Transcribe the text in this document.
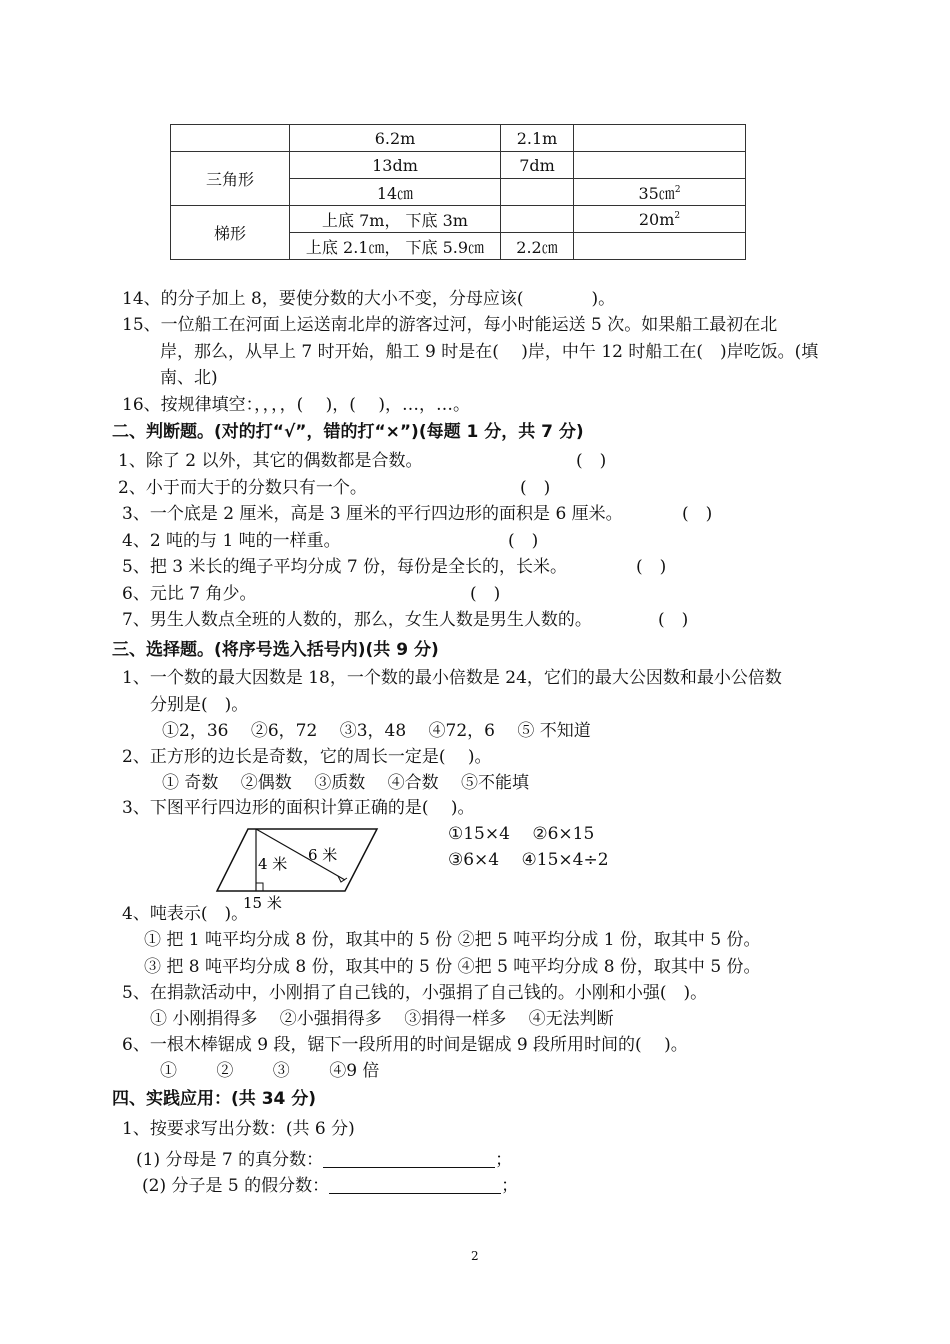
	6.2m	2.1m	
三角形	13dm	7dm	
	14㎝		35㎝$^2$
梯形	上底 7m， 下底 3m		$20m^2$
	上底 2.1㎝， 下底 5.9㎝	2.2㎝	
14、的分子加上 8，要使分数的大小不变，分母应该(　　　　)。
15、一位船工在河面上运送南北岸的游客过河，每小时能运送 5 次。如果船工最初在北
岸，那么，从早上 7 时开始，船工 9 时是在(　 )岸，中午 12 时船工在(　)岸吃饭。(填
南、北)
16、按规律填空：，，，，(　 )，(　 )，…，…。
二、判断题。(对的打“√”，错的打“×”)(每题 1 分，共 7 分)
1、除了 2 以外，其它的偶数都是合数。	(　)
2、小于而大于的分数只有一个。	(　)
3、一个底是 2 厘米，高是 3 厘米的平行四边形的面积是 6 厘米。	(　)
4、2 吨的与 1 吨的一样重。	(　)
5、把 3 米长的绳子平均分成 7 份，每份是全长的，长米。	(　)
6、元比 7 角少。	(　)
7、男生人数点全班的人数的，那么，女生人数是男生人数的。	(　)
三、选择题。(将序号选入括号内)(共 9 分)
1、一个数的最大因数是 18，一个数的最小倍数是 24，它们的最大公因数和最小公倍数
分别是(　)。
①2，36　 ②6，72　 ③3，48　 ④72，6　 ⑤ 不知道
2、正方形的边长是奇数，它的周长一定是(　 )。
① 奇数　 ②偶数　 ③质数　 ④合数　 ⑤不能填
3、下图平行四边形的面积计算正确的是(　 )。
①15×4　 ②6×15
③6×4　 ④15×4÷2
4 米 6 米
15 米
4、吨表示(　)。
① 把 1 吨平均分成 8 份，取其中的 5 份 ②把 5 吨平均分成 1 份，取其中 5 份。
③ 把 8 吨平均分成 8 份，取其中的 5 份 ④把 5 吨平均分成 8 份，取其中 5 份。
5、在捐款活动中，小刚捐了自己钱的，小强捐了自己钱的。小刚和小强(　)。
① 小刚捐得多　 ②小强捐得多　 ③捐得一样多　 ④无法判断
6、一根木棒锯成 9 段，锯下一段所用的时间是锯成 9 段所用时间的(　 )。
①　　 ②　　 ③　　 ④9 倍
四、实践应用：(共 34 分)
1、按要求写出分数：(共 6 分)
(1) 分母是 7 的真分数：	；
(2) 分子是 5 的假分数：	；
2
